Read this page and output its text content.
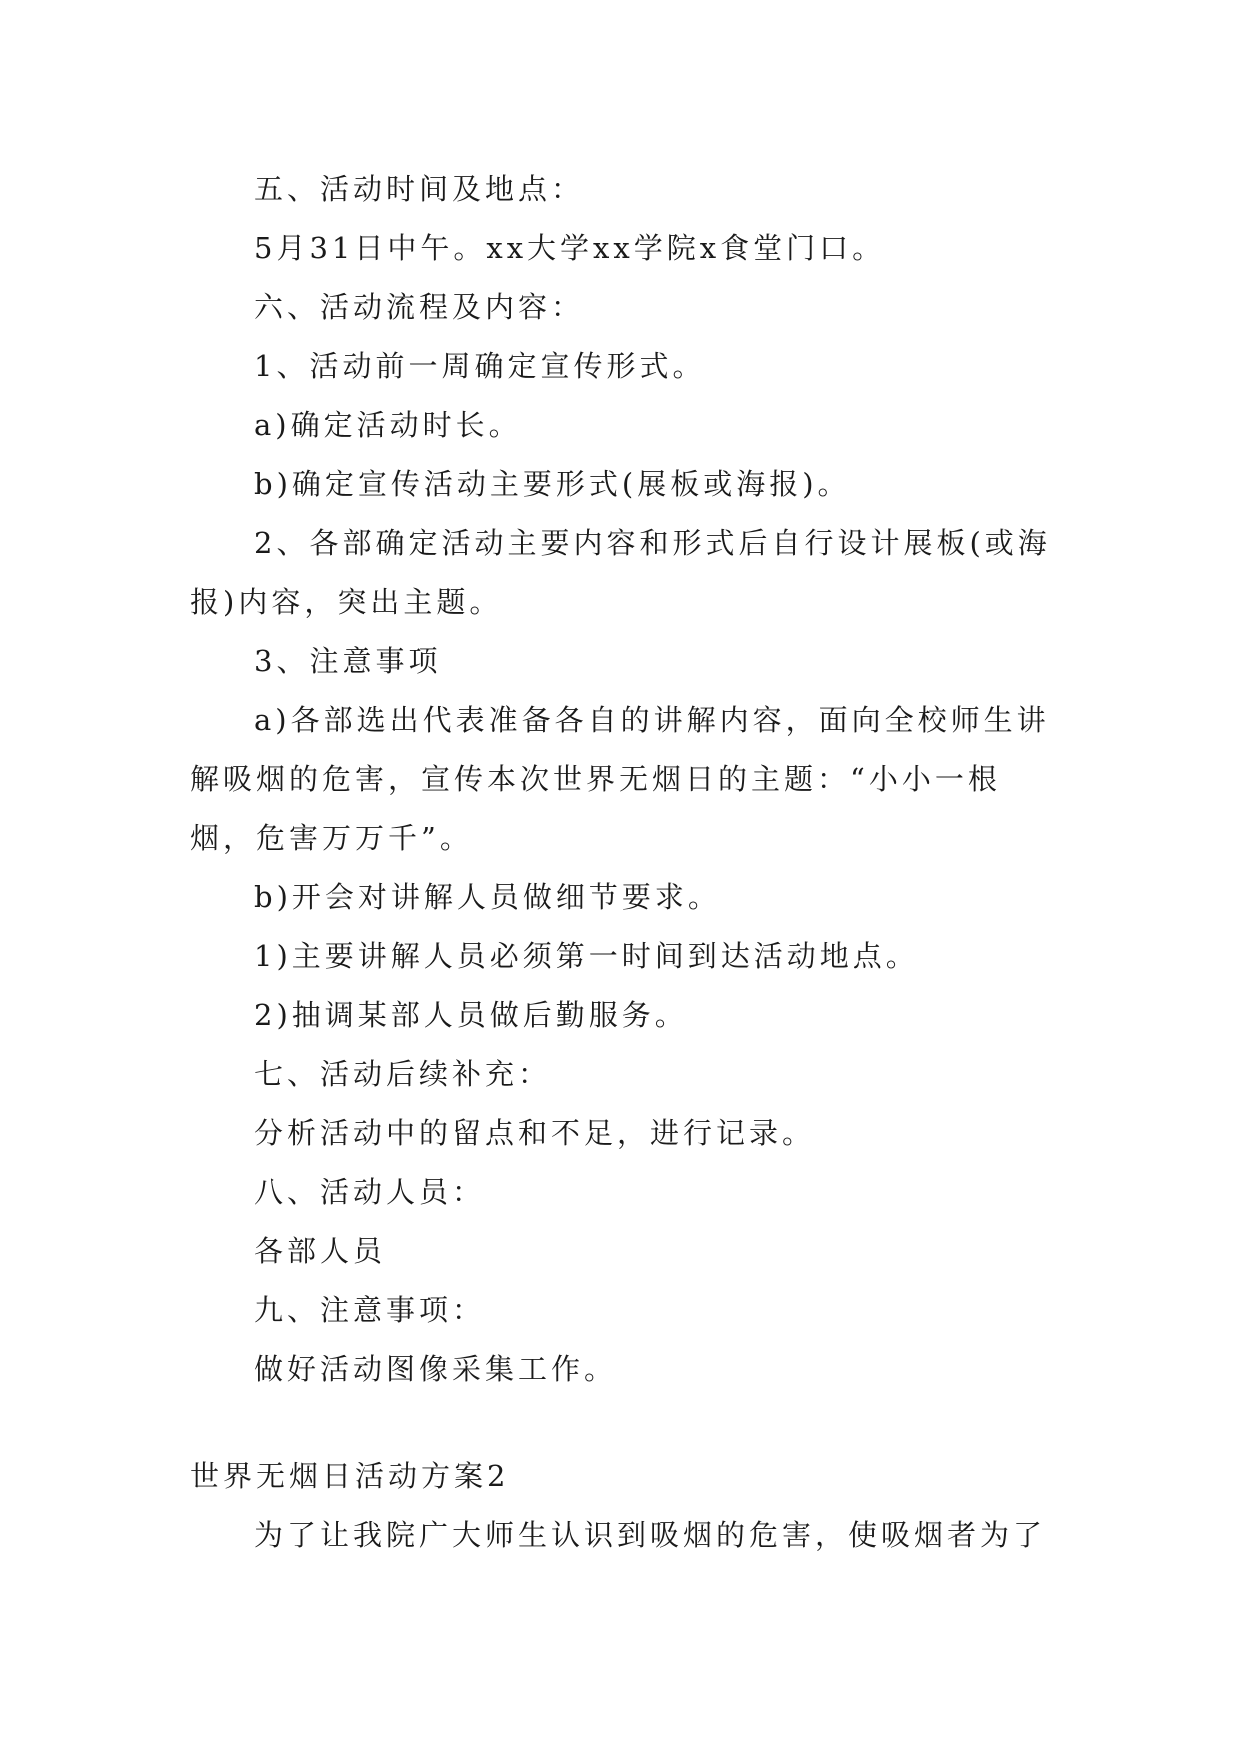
五、活动时间及地点：

5月31日中午。xx大学xx学院x食堂门口。

六、活动流程及内容：

1、活动前一周确定宣传形式。

a)确定活动时长。

b)确定宣传活动主要形式(展板或海报)。

2、各部确定活动主要内容和形式后自行设计展板(或海报)内容，突出主题。

3、注意事项

a)各部选出代表准备各自的讲解内容，面向全校师生讲解吸烟的危害，宣传本次世界无烟日的主题：“小小一根烟，危害万万千”。

b)开会对讲解人员做细节要求。

1)主要讲解人员必须第一时间到达活动地点。

2)抽调某部人员做后勤服务。

七、活动后续补充：

分析活动中的留点和不足，进行记录。

八、活动人员：

各部人员

九、注意事项：

做好活动图像采集工作。

世界无烟日活动方案2

为了让我院广大师生认识到吸烟的危害，使吸烟者为了
